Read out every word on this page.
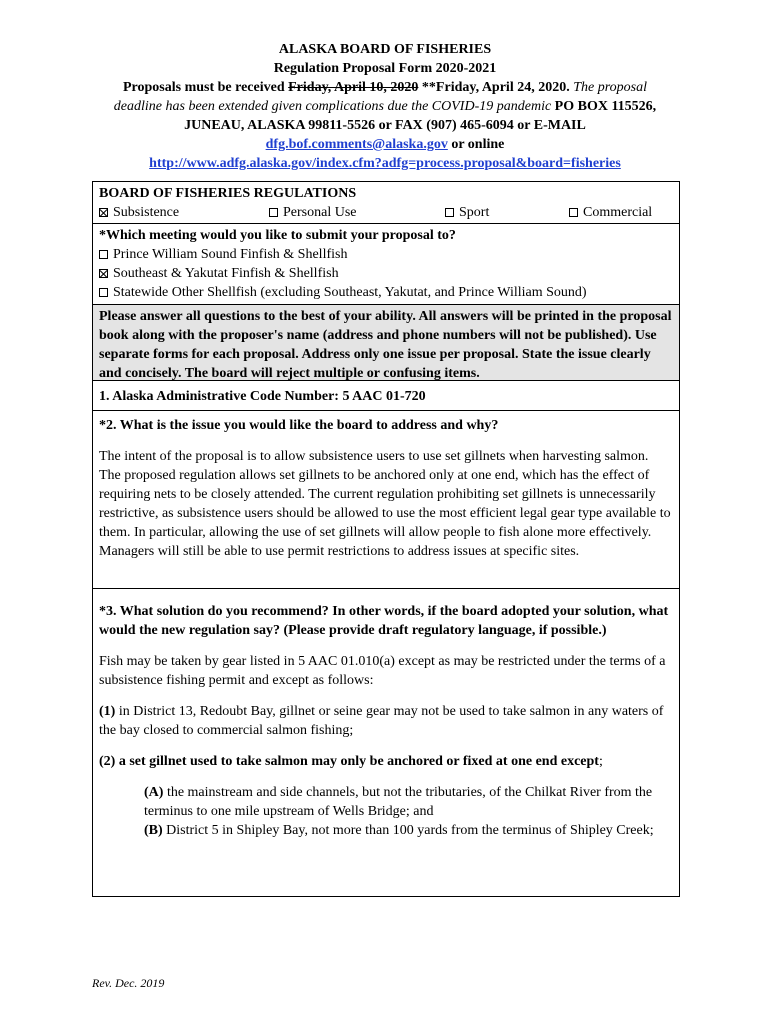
ALASKA BOARD OF FISHERIES
Regulation Proposal Form 2020-2021
Proposals must be received Friday, April 10, 2020 **Friday, April 24, 2020. The proposal
deadline has been extended given complications due the COVID-19 pandemic PO BOX 115526,
JUNEAU, ALASKA 99811-5526 or FAX (907) 465-6094 or E-MAIL
dfg.bof.comments@alaska.gov or online
http://www.adfg.alaska.gov/index.cfm?adfg=process.proposal&board=fisheries
BOARD OF FISHERIES REGULATIONS
Subsistence	Personal Use	Sport	Commercial
*Which meeting would you like to submit your proposal to?
Prince William Sound Finfish & Shellfish
Southeast & Yakutat Finfish & Shellfish
Statewide Other Shellfish (excluding Southeast, Yakutat, and Prince William Sound)
Please answer all questions to the best of your ability. All answers will be printed in the proposal book along with the proposer's name (address and phone numbers will not be published). Use separate forms for each proposal. Address only one issue per proposal. State the issue clearly and concisely. The board will reject multiple or confusing items.
1. Alaska Administrative Code Number: 5 AAC 01-720

*2. What is the issue you would like the board to address and why?

The intent of the proposal is to allow subsistence users to use set gillnets when harvesting salmon. The proposed regulation allows set gillnets to be anchored only at one end, which has the effect of requiring nets to be closely attended. The current regulation prohibiting set gillnets is unnecessarily restrictive, as subsistence users should be allowed to use the most efficient legal gear type available to them. In particular, allowing the use of set gillnets will allow people to fish alone more effectively. Managers will still be able to use permit restrictions to address issues at specific sites.

*3. What solution do you recommend? In other words, if the board adopted your solution, what would the new regulation say? (Please provide draft regulatory language, if possible.)

Fish may be taken by gear listed in 5 AAC 01.010(a) except as may be restricted under the terms of a subsistence fishing permit and except as follows:

(1) in District 13, Redoubt Bay, gillnet or seine gear may not be used to take salmon in any waters of the bay closed to commercial salmon fishing;

(2) a set gillnet used to take salmon may only be anchored or fixed at one end except;

(A) the mainstream and side channels, but not the tributaries, of the Chilkat River from the terminus to one mile upstream of Wells Bridge; and

(B) District 5 in Shipley Bay, not more than 100 yards from the terminus of Shipley Creek;

Rev. Dec. 2019
